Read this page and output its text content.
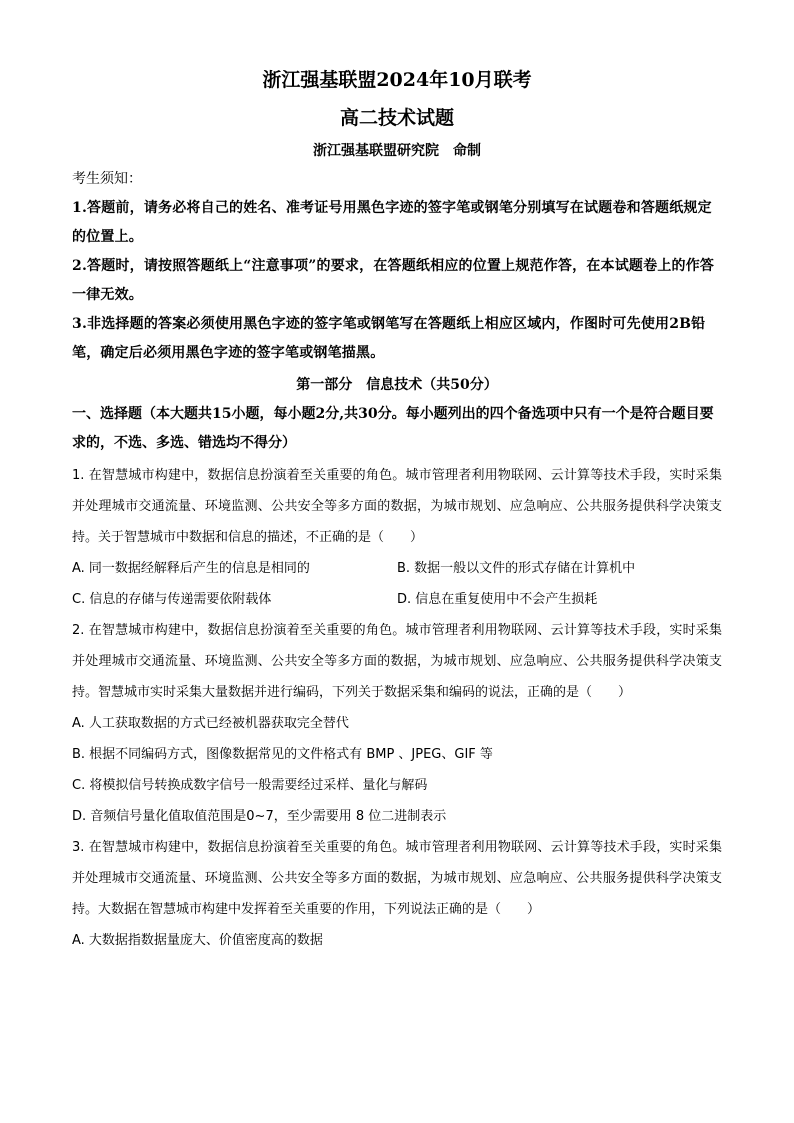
浙江强基联盟2024年10月联考
高二技术试题

浙江强基联盟研究院　命制

考生须知：

1.答题前，请务必将自己的姓名、准考证号用黑色字迹的签字笔或钢笔分别填写在试题卷和答题纸规定的位置上。

2.答题时，请按照答题纸上“注意事项”的要求，在答题纸相应的位置上规范作答，在本试题卷上的作答一律无效。

3.非选择题的答案必须使用黑色字迹的签字笔或钢笔写在答题纸上相应区域内，作图时可先使用2B铅笔，确定后必须用黑色字迹的签字笔或钢笔描黑。

第一部分　信息技术（共50分）

一、选择题（本大题共15小题，每小题2分,共30分。每小题列出的四个备选项中只有一个是符合题目要求的，不选、多选、错选均不得分）

1. 在智慧城市构建中，数据信息扮演着至关重要的角色。城市管理者利用物联网、云计算等技术手段，实时采集并处理城市交通流量、环境监测、公共安全等多方面的数据，为城市规划、应急响应、公共服务提供科学决策支持。关于智慧城市中数据和信息的描述，不正确的是（　　）

A. 同一数据经解释后产生的信息是相同的	B. 数据一般以文件的形式存储在计算机中
C. 信息的存储与传递需要依附载体	D. 信息在重复使用中不会产生损耗

2. 在智慧城市构建中，数据信息扮演着至关重要的角色。城市管理者利用物联网、云计算等技术手段，实时采集并处理城市交通流量、环境监测、公共安全等多方面的数据，为城市规划、应急响应、公共服务提供科学决策支持。智慧城市实时采集大量数据并进行编码，下列关于数据采集和编码的说法，正确的是（　　）

A. 人工获取数据的方式已经被机器获取完全替代

B. 根据不同编码方式，图像数据常见的文件格式有 BMP 、JPEG、GIF 等

C. 将模拟信号转换成数字信号一般需要经过采样、量化与解码

D. 音频信号量化值取值范围是0~7，至少需要用 8 位二进制表示

3. 在智慧城市构建中，数据信息扮演着至关重要的角色。城市管理者利用物联网、云计算等技术手段，实时采集并处理城市交通流量、环境监测、公共安全等多方面的数据，为城市规划、应急响应、公共服务提供科学决策支持。大数据在智慧城市构建中发挥着至关重要的作用，下列说法正确的是（　　）

A. 大数据指数据量庞大、价值密度高的数据
